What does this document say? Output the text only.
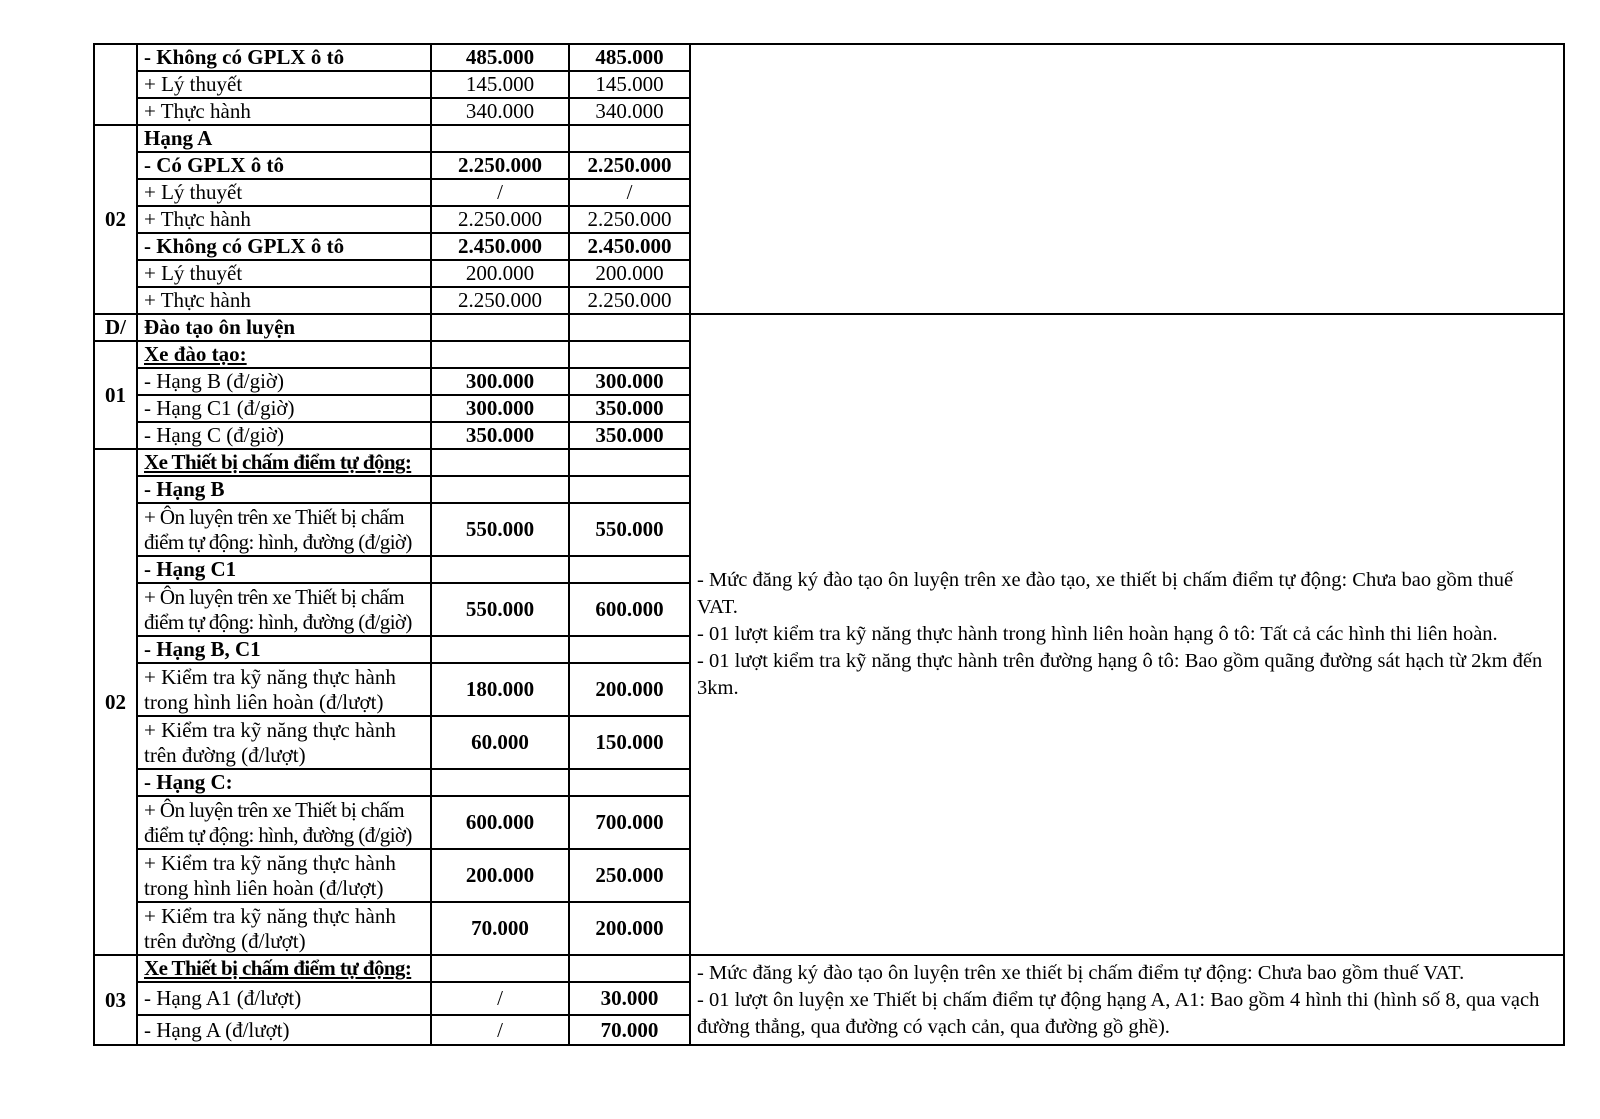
	- Không có GPLX ô tô	485.000	485.000	
	+ Lý thuyết	145.000	145.000	
	+ Thực hành	340.000	340.000	
02	Hạng A			
	- Có GPLX ô tô	2.250.000	2.250.000	
	+ Lý thuyết	/	/	
	+ Thực hành	2.250.000	2.250.000	
	- Không có GPLX ô tô	2.450.000	2.450.000	
	+ Lý thuyết	200.000	200.000	
	+ Thực hành	2.250.000	2.250.000	
D/	Đào tạo ôn luyện			- Mức đăng ký đào tạo ôn luyện trên xe đào tạo, xe thiết bị chấm điểm tự động: Chưa bao gồm thuế VAT.
- 01 lượt kiểm tra kỹ năng thực hành trong hình liên hoàn hạng ô tô: Tất cả các hình thi liên hoàn.
- 01 lượt kiểm tra kỹ năng thực hành trên đường hạng ô tô: Bao gồm quãng đường sát hạch từ 2km đến 3km.

01	Xe đào tạo:			
	- Hạng B (đ/giờ)	300.000	300.000	
	- Hạng C1 (đ/giờ)	300.000	350.000	
	- Hạng C (đ/giờ)	350.000	350.000	
02	Xe Thiết bị chấm điểm tự động:			
	- Hạng B			
	+ Ôn luyện trên xe Thiết bị chấm điểm tự động: hình, đường (đ/giờ)	550.000	550.000	
	- Hạng C1			
	+ Ôn luyện trên xe Thiết bị chấm điểm tự động: hình, đường (đ/giờ)	550.000	600.000	
	- Hạng B, C1			
	+ Kiểm tra kỹ năng thực hành trong hình liên hoàn (đ/lượt)	180.000	200.000	
	+ Kiểm tra kỹ năng thực hành trên đường (đ/lượt)	60.000	150.000	
	- Hạng C:			
	+ Ôn luyện trên xe Thiết bị chấm điểm tự động: hình, đường (đ/giờ)	600.000	700.000	
	+ Kiểm tra kỹ năng thực hành trong hình liên hoàn (đ/lượt)	200.000	250.000	
	+ Kiểm tra kỹ năng thực hành trên đường (đ/lượt)	70.000	200.000	
03	Xe Thiết bị chấm điểm tự động:			- Mức đăng ký đào tạo ôn luyện trên xe thiết bị chấm điểm tự động: Chưa bao gồm thuế VAT.
- 01 lượt ôn luyện xe Thiết bị chấm điểm tự động hạng A, A1: Bao gồm 4 hình thi (hình số 8, qua vạch đường thẳng, qua đường có vạch cản, qua đường gồ ghề).

	- Hạng A1 (đ/lượt)	/	30.000	
	- Hạng A (đ/lượt)	/	70.000	
